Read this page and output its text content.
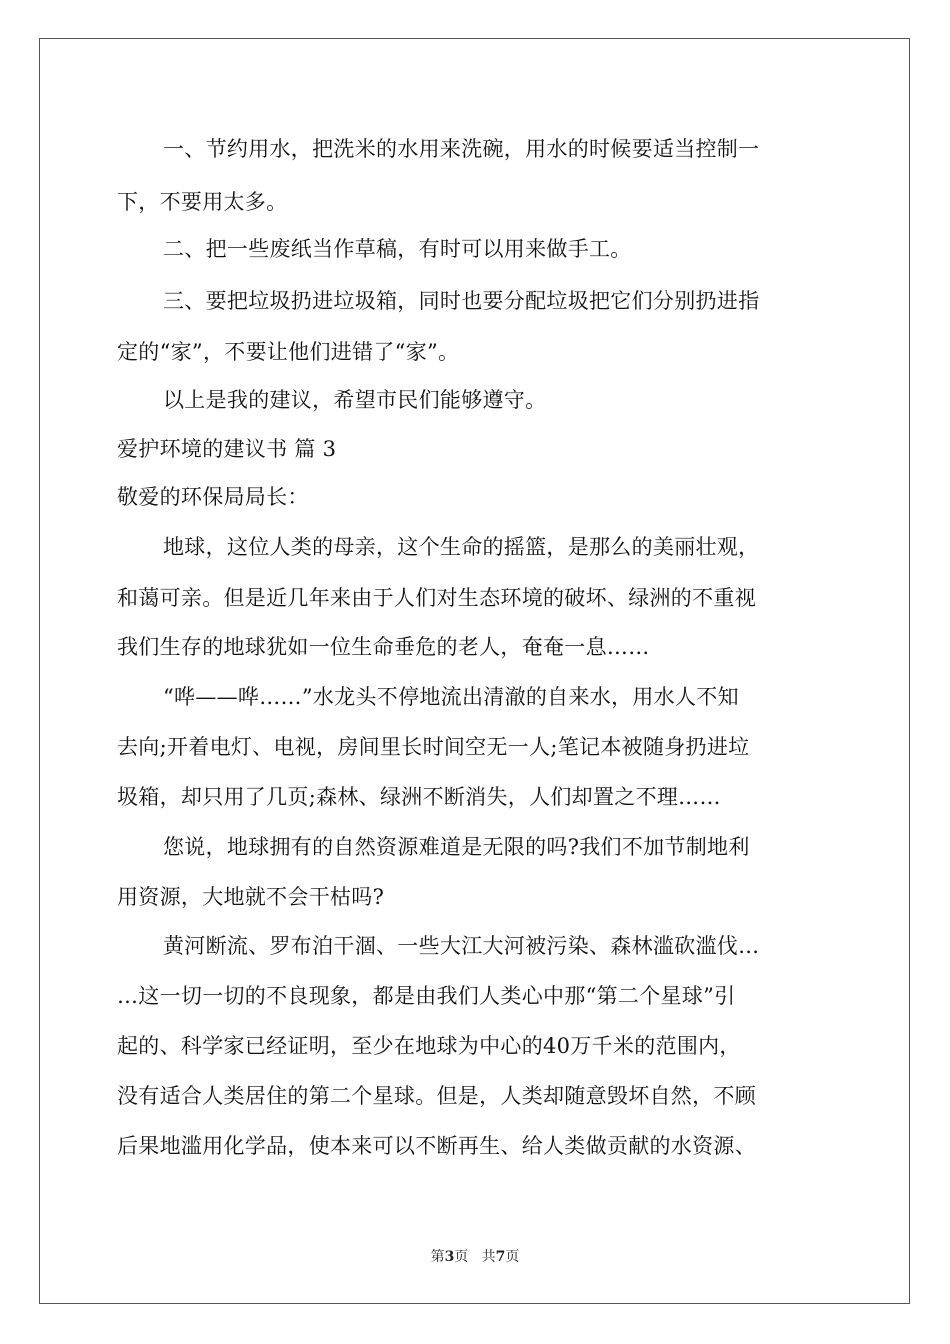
一、节约用水，把洗米的水用来洗碗，用水的时候要适当控制一
下，不要用太多。
二、把一些废纸当作草稿，有时可以用来做手工。
三、要把垃圾扔进垃圾箱，同时也要分配垃圾把它们分别扔进指
定的“家”，不要让他们进错了“家”。
以上是我的建议，希望市民们能够遵守。
爱护环境的建议书 篇 3
敬爱的环保局局长：
地球，这位人类的母亲，这个生命的摇篮，是那么的美丽壮观，
和蔼可亲。但是近几年来由于人们对生态环境的破坏、绿洲的不重视
我们生存的地球犹如一位生命垂危的老人，奄奄一息……
“哗——哗……”水龙头不停地流出清澈的自来水，用水人不知
去向;开着电灯、电视，房间里长时间空无一人;笔记本被随身扔进垃
圾箱，却只用了几页;森林、绿洲不断消失，人们却置之不理……
您说，地球拥有的自然资源难道是无限的吗?我们不加节制地利
用资源，大地就不会干枯吗?
黄河断流、罗布泊干涸、一些大江大河被污染、森林滥砍滥伐…
…这一切一切的不良现象，都是由我们人类心中那“第二个星球”引
起的、科学家已经证明，至少在地球为中心的40万千米的范围内，
没有适合人类居住的第二个星球。但是，人类却随意毁坏自然，不顾
后果地滥用化学品，使本来可以不断再生、给人类做贡献的水资源、
第3页 共7页
